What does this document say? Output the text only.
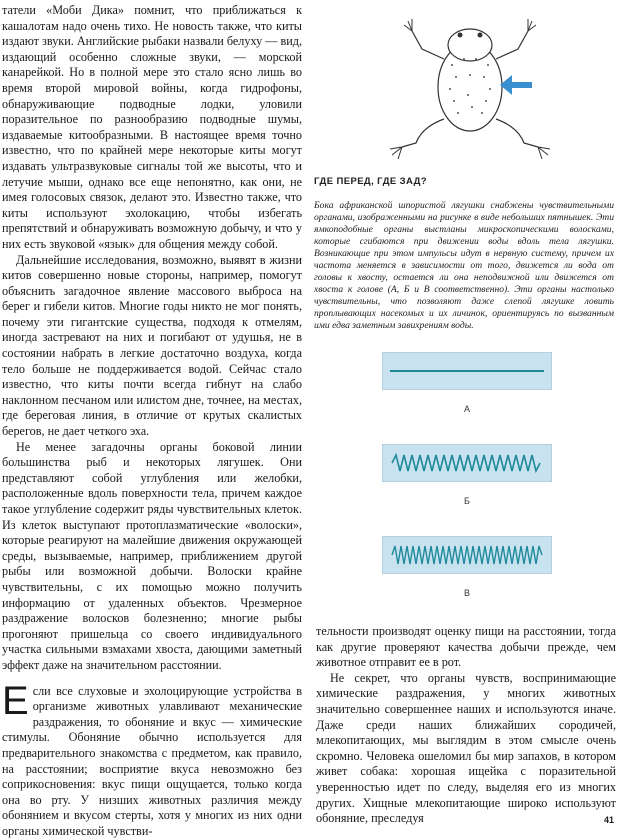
татели «Моби Дика» помнит, что приближаться к кашалотам надо очень тихо. Не новость также, что киты издают звуки. Английские рыбаки назвали белуху — вид, издающий особенно сложные звуки, — морской канарейкой. Но в полной мере это стало ясно лишь во время второй мировой войны, когда гидрофоны, обнаруживающие подводные лодки, уловили поразительное по разнообразию подводные шумы, издаваемые китообразными. В настоящее время точно известно, что по крайней мере некоторые киты могут издавать ультразвуковые сигналы той же высоты, что и летучие мыши, однако все еще непонятно, как они, не имея голосовых связок, делают это. Известно также, что киты используют эхолокацию, чтобы избегать препятствий и обнаруживать возможную добычу, и что у них есть звуковой «язык» для общения между собой.

Дальнейшие исследования, возможно, выявят в жизни китов совершенно новые стороны, например, помогут объяснить загадочное явление массового выброса на берег и гибели китов. Многие годы никто не мог понять, почему эти гигантские существа, подходя к отмелям, иногда застревают на них и погибают от удушья, не в состоянии набрать в легкие достаточно воздуха, когда тело больше не поддерживается водой. Сейчас стало известно, что киты почти всегда гибнут на слабо наклонном песчаном или илистом дне, точнее, на местах, где береговая линия, в отличие от крутых скалистых берегов, не дает четкого эха.

Не менее загадочны органы боковой линии большинства рыб и некоторых лягушек. Они представляют собой углубления или желобки, расположенные вдоль поверхности тела, причем каждое такое углубление содержит ряды чувствительных клеток. Из клеток выступают протоплазматические «волоски», которые реагируют на малейшие движения окружающей среды, вызываемые, например, приближением другой рыбы или возможной добычи. Волоски крайне чувствительны, с их помощью можно получить информацию от удаленных объектов. Чрезмерное раздражение волосков болезненно; многие рыбы прогоняют пришельца со своего индивидуального участка сильными взмахами хвоста, дающими заметный эффект даже на значительном расстоянии.

Если все слуховые и эхолоцирующие устройства в организме животных улавливают механические раздражения, то обоняние и вкус — химические стимулы. Обоняние обычно используется для предварительного знакомства с предметом, как правило, на расстоянии; восприятие вкуса невозможно без соприкосновения: вкус пищи ощущается, только когда она во рту. У низших животных различия между обонянием и вкусом стерты, хотя у многих из них одни органы химической чувстви-

ГДЕ ПЕРЕД, ГДЕ ЗАД?
Бока африканской шпористой лягушки снабжены чувствительными органами, изображенными на рисунке в виде небольших пятнышек. Эти ямкоподобные органы выстланы микроскопическими волосками, которые сгибаются при движении воды вдоль тела лягушки. Возникающие при этом импульсы идут в нервную систему, причем их частота меняется в зависимости от того, движется ли вода от головы к хвосту, остается ли она неподвижной или движется от хвоста к голове (А, Б и В соответственно). Эти органы настолько чувствительны, что позволяют даже слепой лягушке ловить проплывающих насекомых и их личинок, ориентируясь по вызванным ими едва заметным завихрениям воды.
А
Б
В

тельности производят оценку пищи на расстоянии, тогда как другие проверяют качества добычи прежде, чем животное отправит ее в рот.

Не секрет, что органы чувств, воспринимающие химические раздражения, у многих животных значительно совершеннее наших и используются иначе. Даже среди наших ближайших сородичей, млекопитающих, мы выглядим в этом смысле очень скромно. Человека ошеломил бы мир запахов, в котором живет собака: хорошая ищейка с поразительной уверенностью идет по следу, выделяя его из многих других. Хищные млекопитающие широко используют обоняние, преследуя	41
